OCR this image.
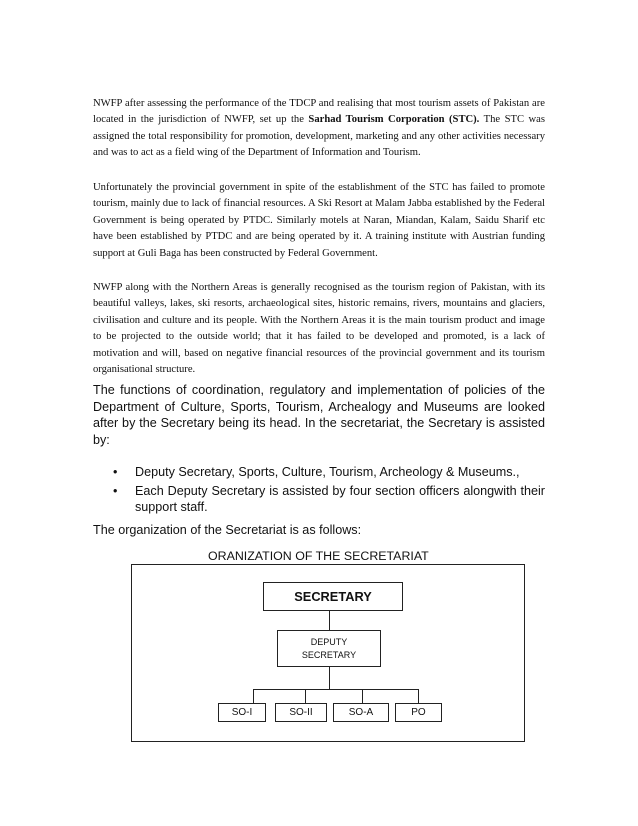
NWFP after assessing the performance of the TDCP and realising that most tourism assets of Pakistan are located in the jurisdiction of NWFP, set up the Sarhad Tourism Corporation (STC). The STC was assigned the total responsibility for promotion, development, marketing and any other activities necessary and was to act as a field wing of the Department of Information and Tourism.

Unfortunately the provincial government in spite of the establishment of the STC has failed to promote tourism, mainly due to lack of financial resources. A Ski Resort at Malam Jabba established by the Federal Government is being operated by PTDC. Similarly motels at Naran, Miandan, Kalam, Saidu Sharif etc have been established by PTDC and are being operated by it. A training institute with Austrian funding support at Guli Baga has been constructed by Federal Government.

NWFP along with the Northern Areas is generally recognised as the tourism region of Pakistan, with its beautiful valleys, lakes, ski resorts, archaeological sites, historic remains, rivers, mountains and glaciers, civilisation and culture and its people. With the Northern Areas it is the main tourism product and image to be projected to the outside world; that it has failed to be developed and promoted, is a lack of motivation and will, based on negative financial resources of the provincial government and its tourism organisational structure.

The functions of coordination, regulatory and implementation of policies of the Department of Culture, Sports, Tourism, Archealogy and Museums are looked after by the Secretary being its head. In the secretariat, the Secretary is assisted by:
•	Deputy Secretary, Sports, Culture, Tourism, Archeology & Museums.,
•	Each Deputy Secretary is assisted by four section officers alongwith their support staff.
The organization of the Secretariat is as follows:
ORANIZATION OF THE SECRETARIAT
SECRETARY
DEPUTY
SECRETARY
SO-I	SO-II	SO-A	PO
